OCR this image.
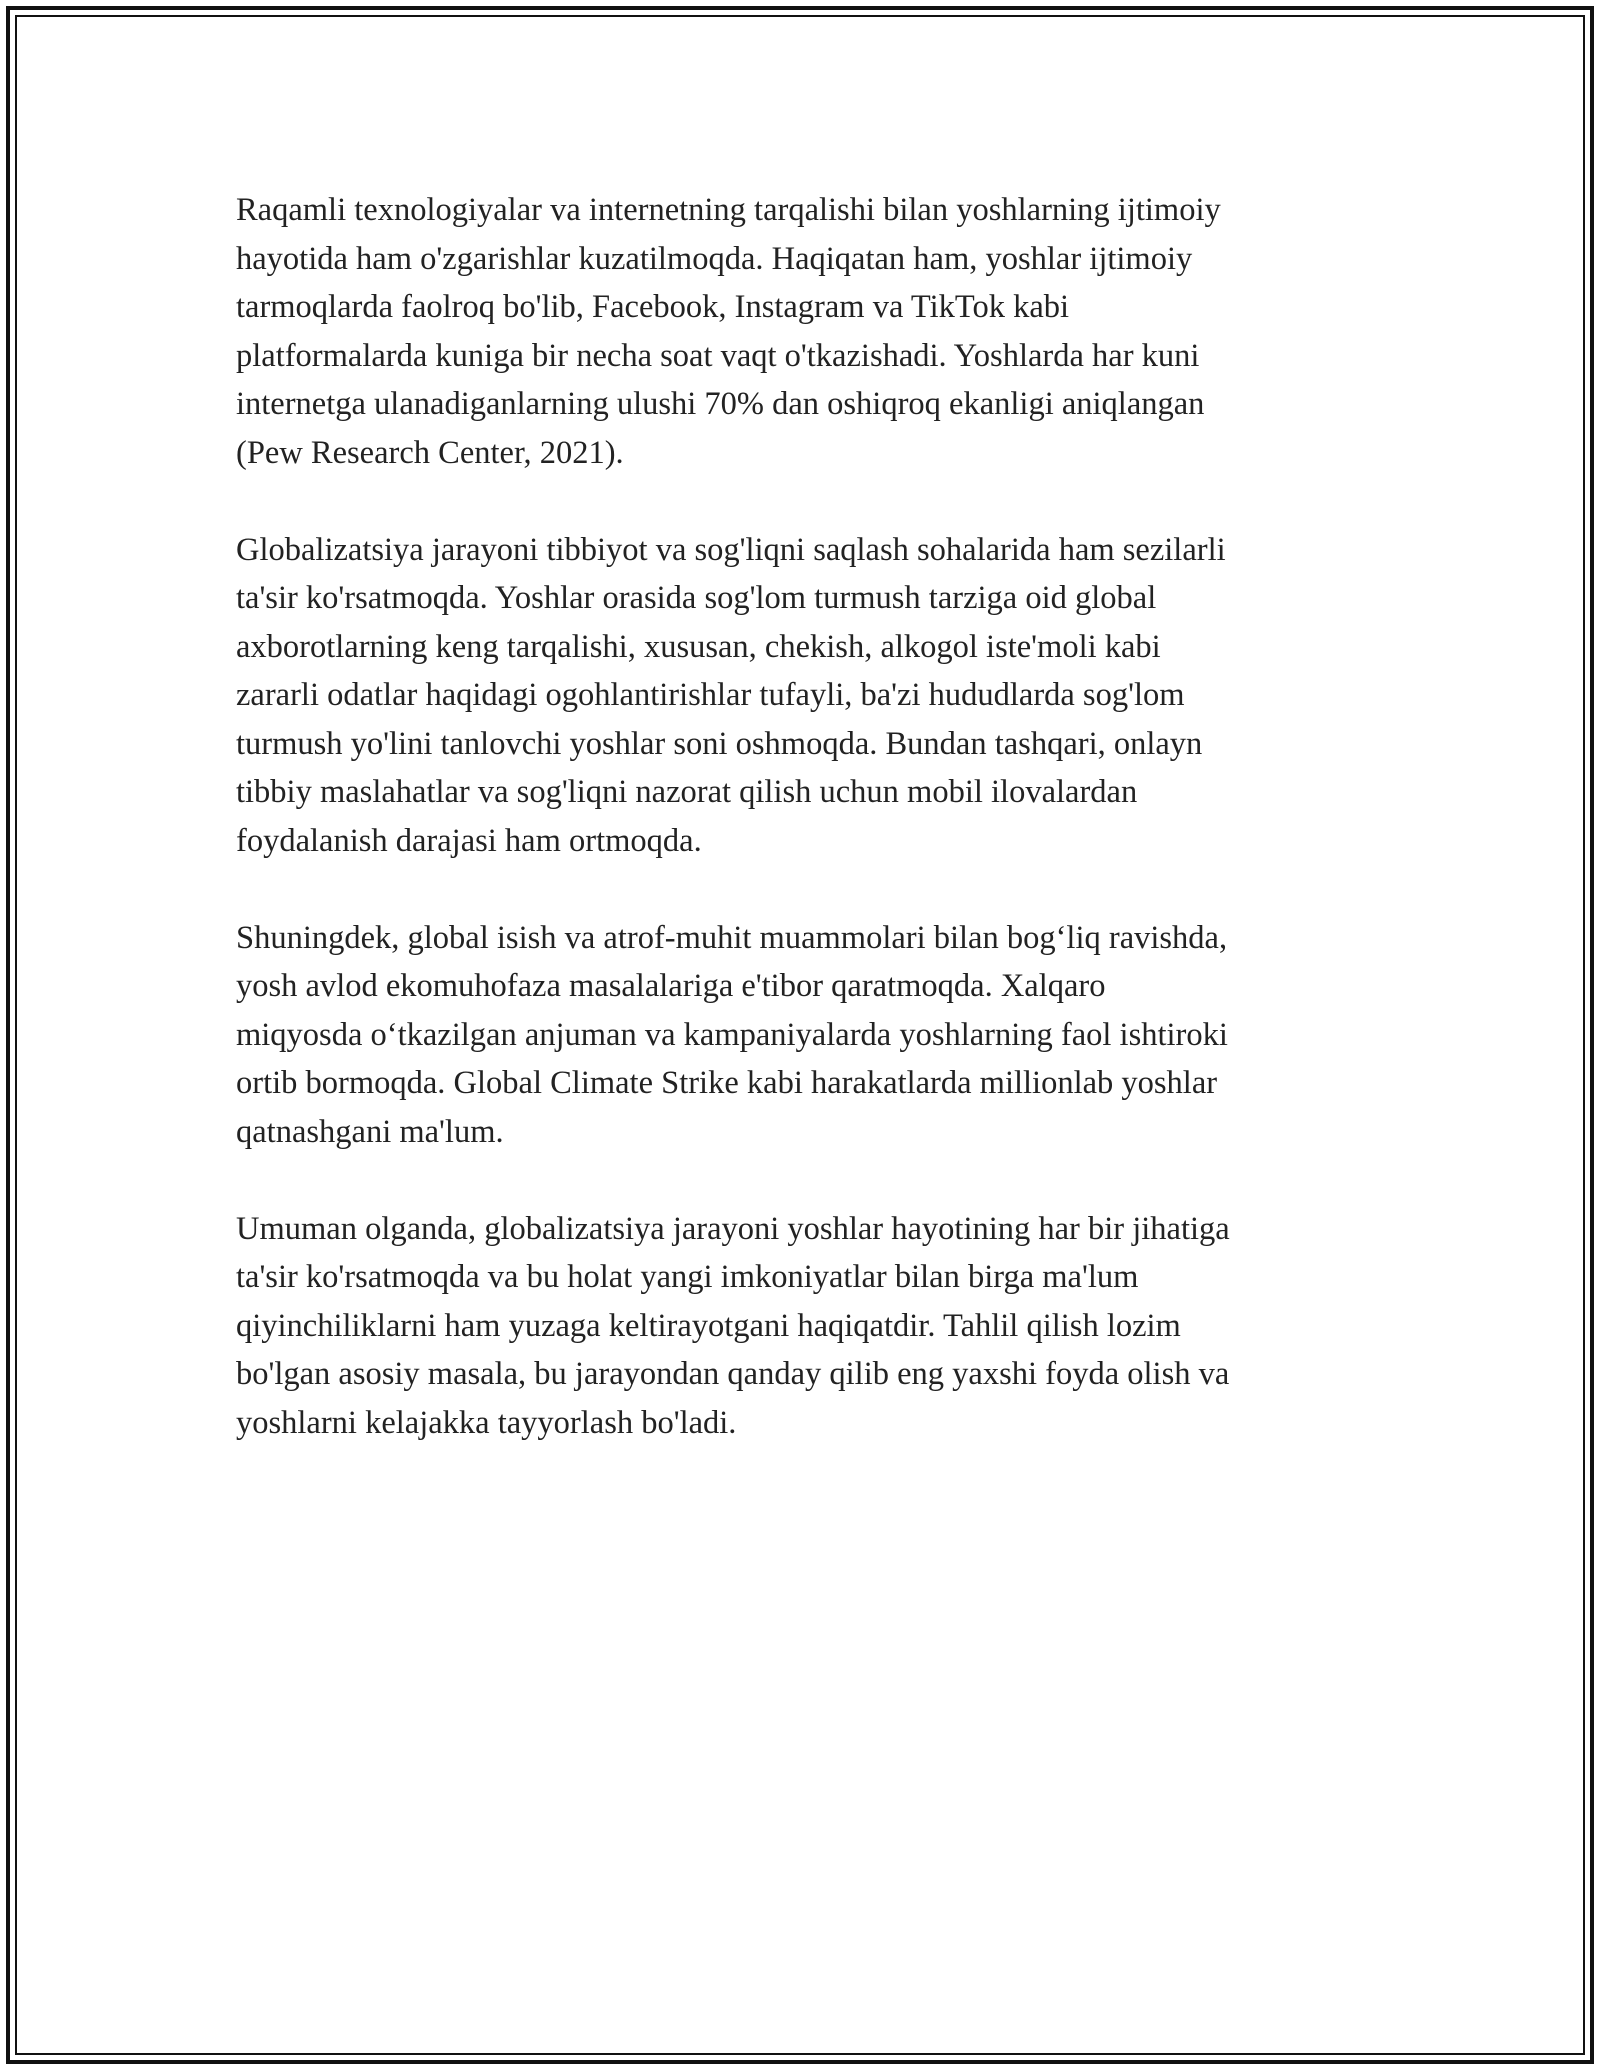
Raqamli texnologiyalar va internetning tarqalishi bilan yoshlarning ijtimoiy
hayotida ham o'zgarishlar kuzatilmoqda. Haqiqatan ham, yoshlar ijtimoiy
tarmoqlarda faolroq bo'lib, Facebook, Instagram va TikTok kabi
platformalarda kuniga bir necha soat vaqt o'tkazishadi. Yoshlarda har kuni
internetga ulanadiganlarning ulushi 70% dan oshiqroq ekanligi aniqlangan
(Pew Research Center, 2021).

Globalizatsiya jarayoni tibbiyot va sog'liqni saqlash sohalarida ham sezilarli
ta'sir ko'rsatmoqda. Yoshlar orasida sog'lom turmush tarziga oid global
axborotlarning keng tarqalishi, xususan, chekish, alkogol iste'moli kabi
zararli odatlar haqidagi ogohlantirishlar tufayli, ba'zi hududlarda sog'lom
turmush yo'lini tanlovchi yoshlar soni oshmoqda. Bundan tashqari, onlayn
tibbiy maslahatlar va sog'liqni nazorat qilish uchun mobil ilovalardan
foydalanish darajasi ham ortmoqda.

Shuningdek, global isish va atrof-muhit muammolari bilan bog‘liq ravishda,
yosh avlod ekomuhofaza masalalariga e'tibor qaratmoqda. Xalqaro
miqyosda o‘tkazilgan anjuman va kampaniyalarda yoshlarning faol ishtiroki
ortib bormoqda. Global Climate Strike kabi harakatlarda millionlab yoshlar
qatnashgani ma'lum.

Umuman olganda, globalizatsiya jarayoni yoshlar hayotining har bir jihatiga
ta'sir ko'rsatmoqda va bu holat yangi imkoniyatlar bilan birga ma'lum
qiyinchiliklarni ham yuzaga keltirayotgani haqiqatdir. Tahlil qilish lozim
bo'lgan asosiy masala, bu jarayondan qanday qilib eng yaxshi foyda olish va
yoshlarni kelajakka tayyorlash bo'ladi.
